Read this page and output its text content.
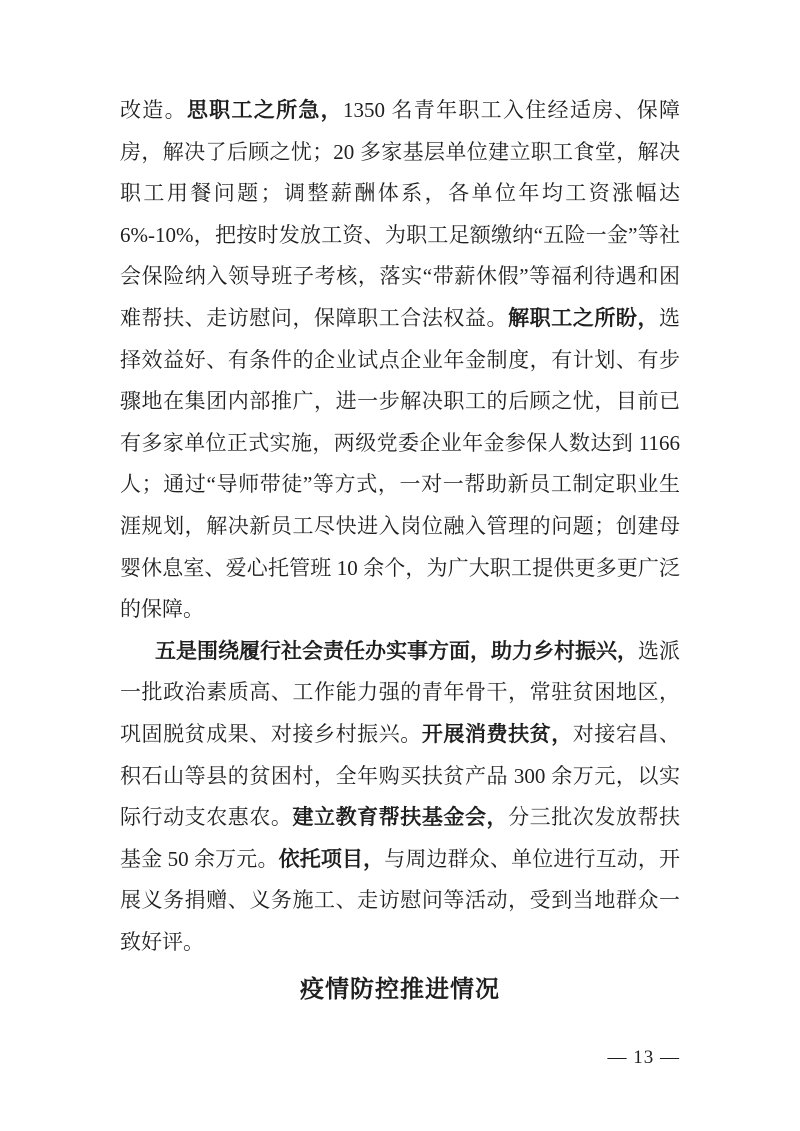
改造。思职工之所急，1350 名青年职工入住经适房、保障房，解决了后顾之忧；20 多家基层单位建立职工食堂，解决职工用餐问题；调整薪酬体系，各单位年均工资涨幅达 6%-10%，把按时发放工资、为职工足额缴纳“五险一金”等社会保险纳入领导班子考核，落实“带薪休假”等福利待遇和困难帮扶、走访慰问，保障职工合法权益。解职工之所盼，选择效益好、有条件的企业试点企业年金制度，有计划、有步骤地在集团内部推广，进一步解决职工的后顾之忧，目前已有多家单位正式实施，两级党委企业年金参保人数达到 1166 人；通过“导师带徒”等方式，一对一帮助新员工制定职业生涯规划，解决新员工尽快进入岗位融入管理的问题；创建母婴休息室、爱心托管班 10 余个，为广大职工提供更多更广泛的保障。

五是围绕履行社会责任办实事方面，助力乡村振兴，选派一批政治素质高、工作能力强的青年骨干，常驻贫困地区，巩固脱贫成果、对接乡村振兴。开展消费扶贫，对接宕昌、积石山等县的贫困村，全年购买扶贫产品 300 余万元，以实际行动支农惠农。建立教育帮扶基金会，分三批次发放帮扶基金 50 余万元。依托项目，与周边群众、单位进行互动，开展义务捐赠、义务施工、走访慰问等活动，受到当地群众一致好评。

疫情防控推进情况
— 13 —
